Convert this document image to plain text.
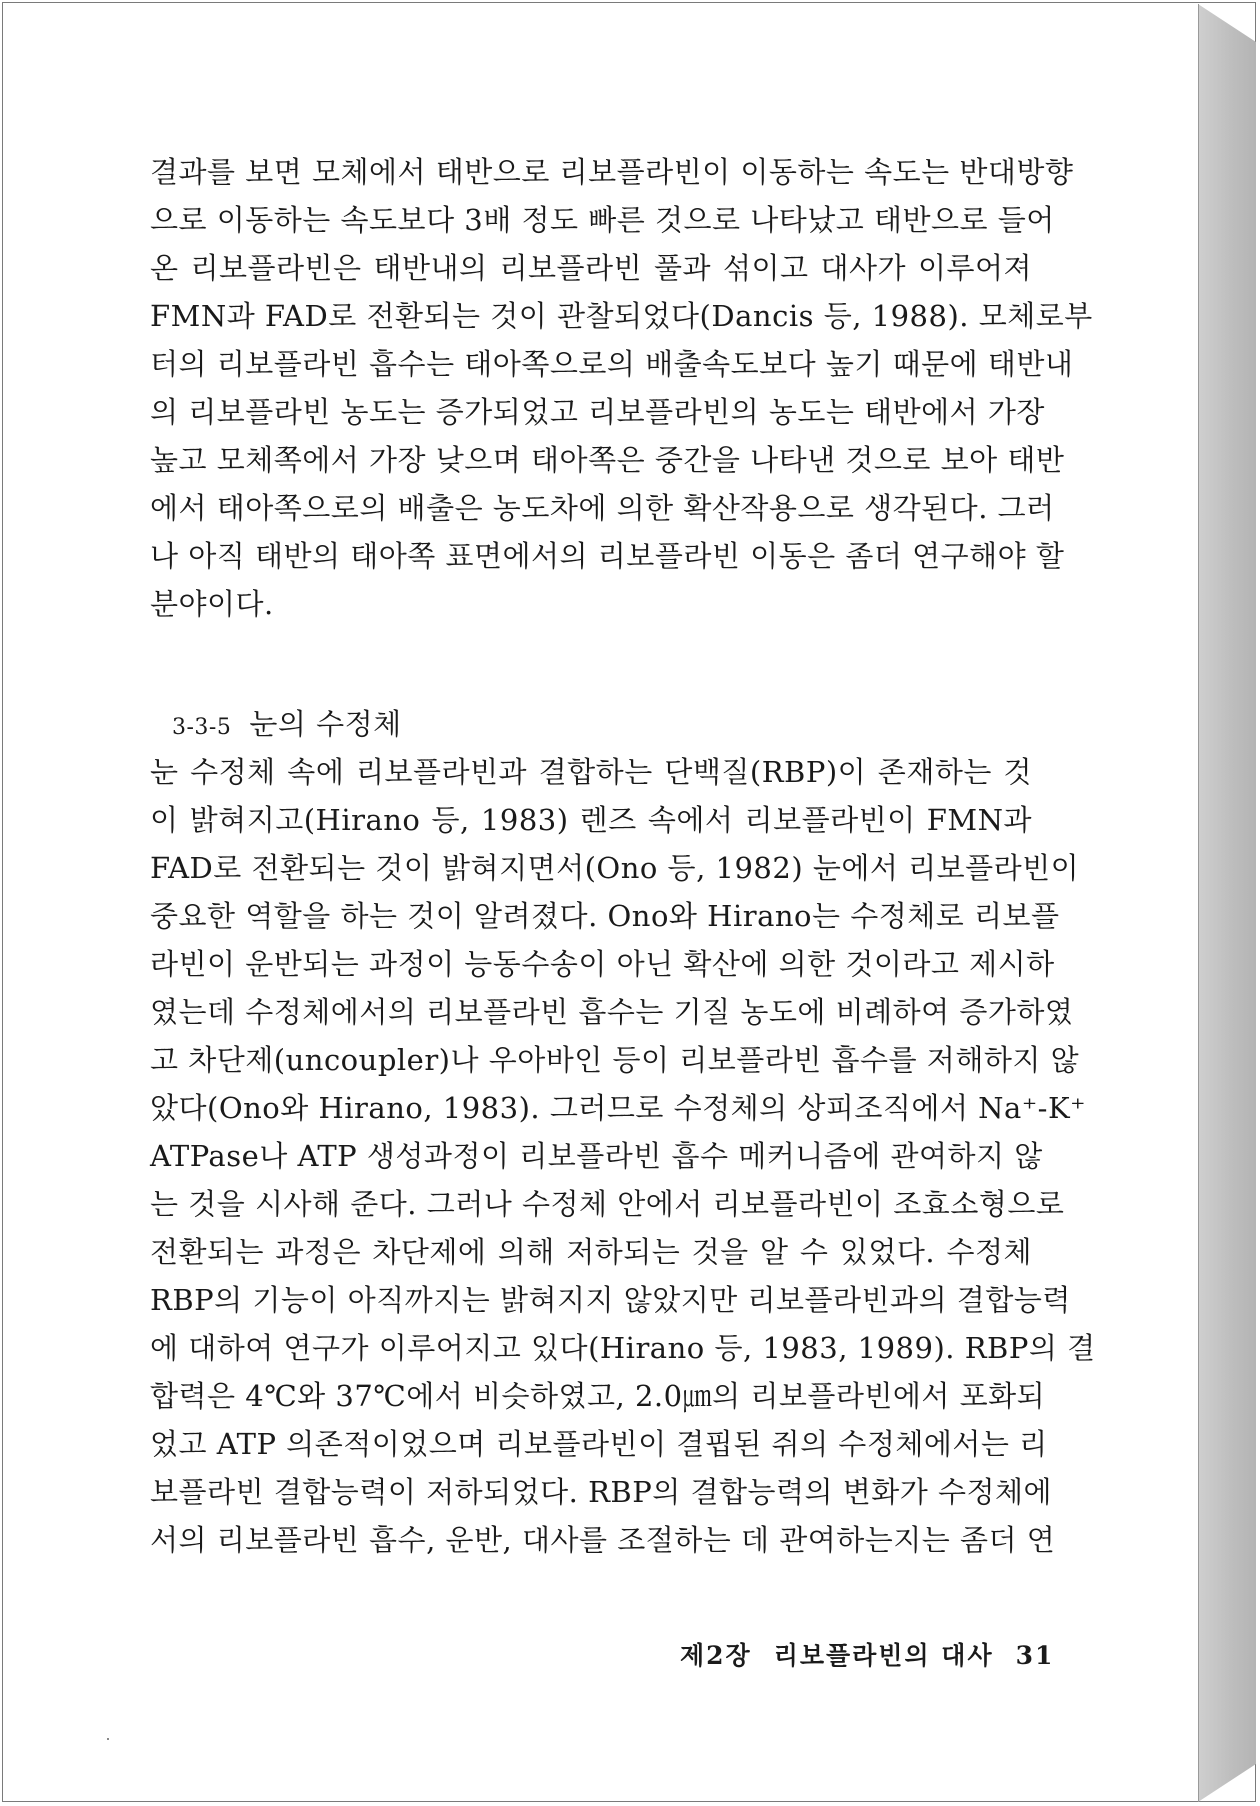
결과를 보면 모체에서 태반으로 리보플라빈이 이동하는 속도는 반대방향
으로 이동하는 속도보다 3배 정도 빠른 것으로 나타났고 태반으로 들어
온 리보플라빈은 태반내의 리보플라빈 풀과 섞이고 대사가 이루어져
FMN과 FAD로 전환되는 것이 관찰되었다(Dancis 등, 1988). 모체로부
터의 리보플라빈 흡수는 태아쪽으로의 배출속도보다 높기 때문에 태반내
의 리보플라빈 농도는 증가되었고 리보플라빈의 농도는 태반에서 가장
높고 모체쪽에서 가장 낮으며 태아쪽은 중간을 나타낸 것으로 보아 태반
에서 태아쪽으로의 배출은 농도차에 의한 확산작용으로 생각된다. 그러
나 아직 태반의 태아쪽 표면에서의 리보플라빈 이동은 좀더 연구해야 할
분야이다.
3-3-5 눈의 수정체
눈 수정체 속에 리보플라빈과 결합하는 단백질(RBP)이 존재하는 것
이 밝혀지고(Hirano 등, 1983) 렌즈 속에서 리보플라빈이 FMN과
FAD로 전환되는 것이 밝혀지면서(Ono 등, 1982) 눈에서 리보플라빈이
중요한 역할을 하는 것이 알려졌다. Ono와 Hirano는 수정체로 리보플
라빈이 운반되는 과정이 능동수송이 아닌 확산에 의한 것이라고 제시하
였는데 수정체에서의 리보플라빈 흡수는 기질 농도에 비례하여 증가하였
고 차단제(uncoupler)나 우아바인 등이 리보플라빈 흡수를 저해하지 않
았다(Ono와 Hirano, 1983). 그러므로 수정체의 상피조직에서 Na⁺-K⁺
ATPase나 ATP 생성과정이 리보플라빈 흡수 메커니즘에 관여하지 않
는 것을 시사해 준다. 그러나 수정체 안에서 리보플라빈이 조효소형으로
전환되는 과정은 차단제에 의해 저하되는 것을 알 수 있었다. 수정체
RBP의 기능이 아직까지는 밝혀지지 않았지만 리보플라빈과의 결합능력
에 대하여 연구가 이루어지고 있다(Hirano 등, 1983, 1989). RBP의 결
합력은 4℃와 37℃에서 비슷하였고, 2.0㎛의 리보플라빈에서 포화되
었고 ATP 의존적이었으며 리보플라빈이 결핍된 쥐의 수정체에서는 리
보플라빈 결합능력이 저하되었다. RBP의 결합능력의 변화가 수정체에
서의 리보플라빈 흡수, 운반, 대사를 조절하는 데 관여하는지는 좀더 연
제2장 리보플라빈의 대사 31
